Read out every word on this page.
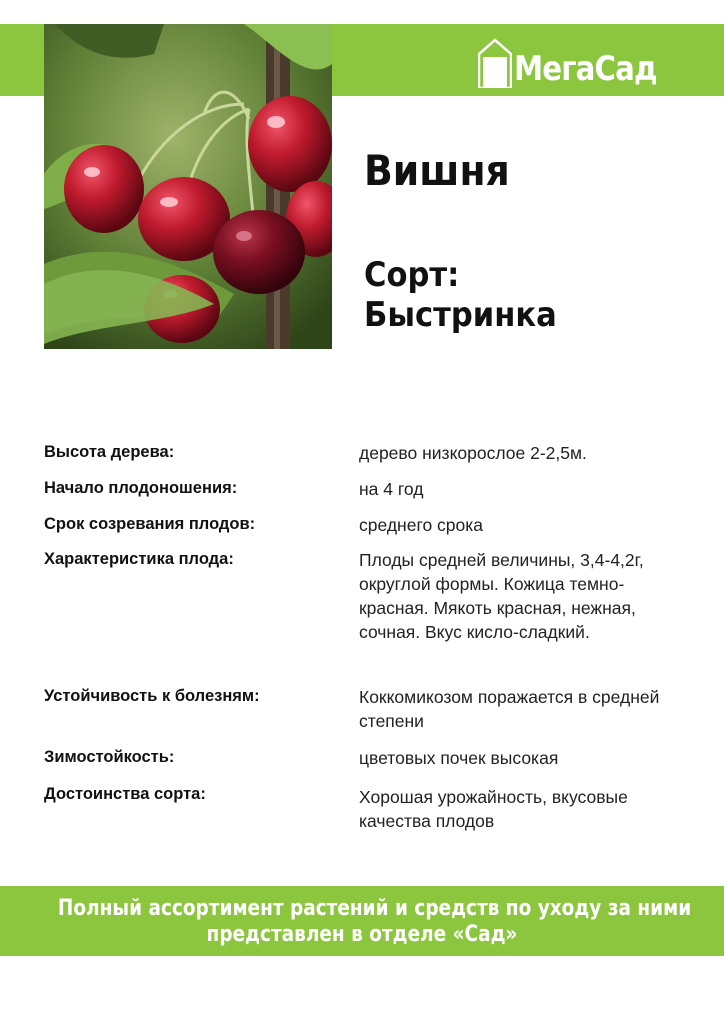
МегаСад
Вишня
Сорт:
Быстринка
Высота дерева:	дерево низкорослое 2-2,5м.
Начало плодоношения:	на 4 год
Срок созревания плодов:	среднего срока
Характеристика плода:	Плоды средней величины, 3,4-4,2г, округлой формы. Кожица темно-красная. Мякоть красная, нежная, сочная. Вкус кисло-сладкий.
Устойчивость к болезням:	Коккомикозом поражается в средней степени
Зимостойкость:	цветовых почек высокая
Достоинства сорта:	Хорошая урожайность, вкусовые качества плодов
Полный ассортимент растений и средств по уходу за ними
представлен в отделе «Сад»
